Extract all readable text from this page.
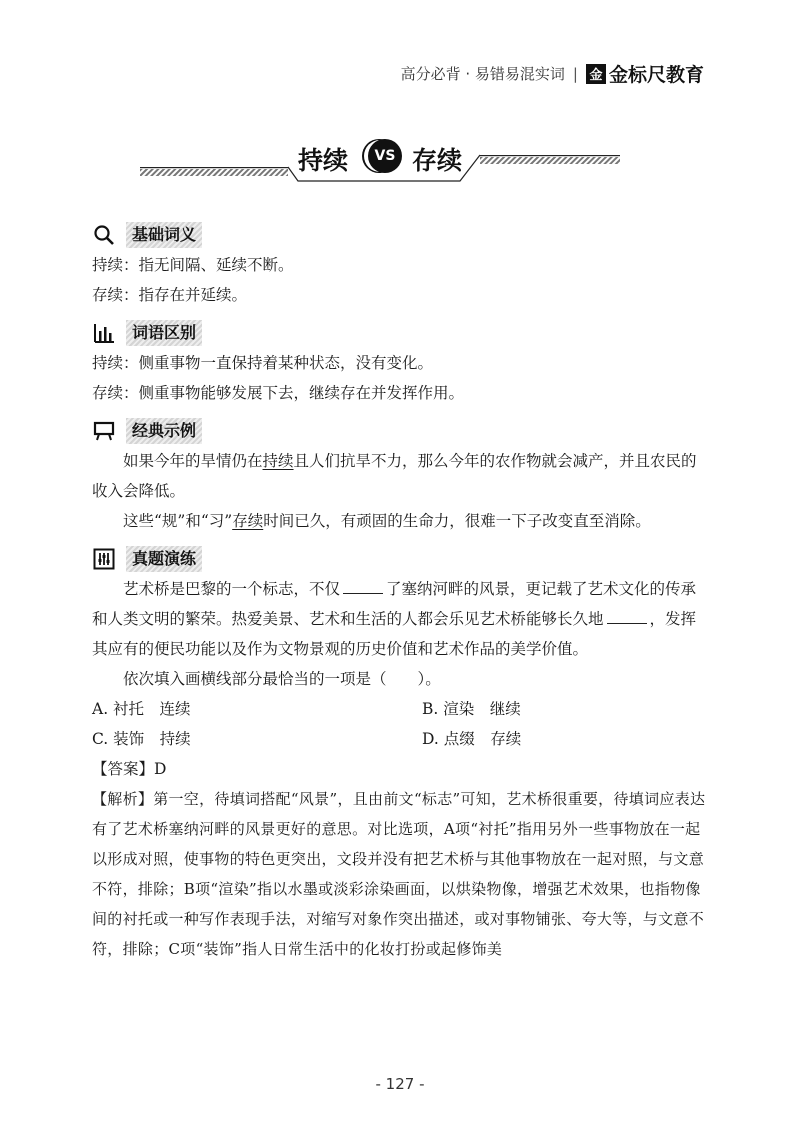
高分必背 · 易错易混实词 | 金 金标尺教育
持续	VS 存续
基础词义

持续：指无间隔、延续不断。

存续：指存在并延续。

词语区别

持续：侧重事物一直保持着某种状态，没有变化。

存续：侧重事物能够发展下去，继续存在并发挥作用。

经典示例

如果今年的旱情仍在持续且人们抗旱不力，那么今年的农作物就会减产，并且农民的收入会降低。

这些“规”和“习”存续时间已久，有顽固的生命力，很难一下子改变直至消除。

真题演练

艺术桥是巴黎的一个标志，不仅	了塞纳河畔的风景，更记载了艺术文化的传承和人类文明的繁荣。热爱美景、艺术和生活的人都会乐见艺术桥能够长久地	，发挥其应有的便民功能以及作为文物景观的历史价值和艺术作品的美学价值。

依次填入画横线部分最恰当的一项是（　　）。

A. 衬托　连续	B. 渲染　继续
C. 装饰　持续	D. 点缀　存续

【答案】D

【解析】第一空，待填词搭配“风景”，且由前文“标志”可知，艺术桥很重要，待填词应表达有了艺术桥塞纳河畔的风景更好的意思。对比选项，A项“衬托”指用另外一些事物放在一起以形成对照，使事物的特色更突出，文段并没有把艺术桥与其他事物放在一起对照，与文意不符，排除；B项“渲染”指以水墨或淡彩涂染画面，以烘染物像，增强艺术效果，也指物像间的衬托或一种写作表现手法，对缩写对象作突出描述，或对事物铺张、夸大等，与文意不符，排除；C项“装饰”指人日常生活中的化妆打扮或起修饰美

- 127 -
